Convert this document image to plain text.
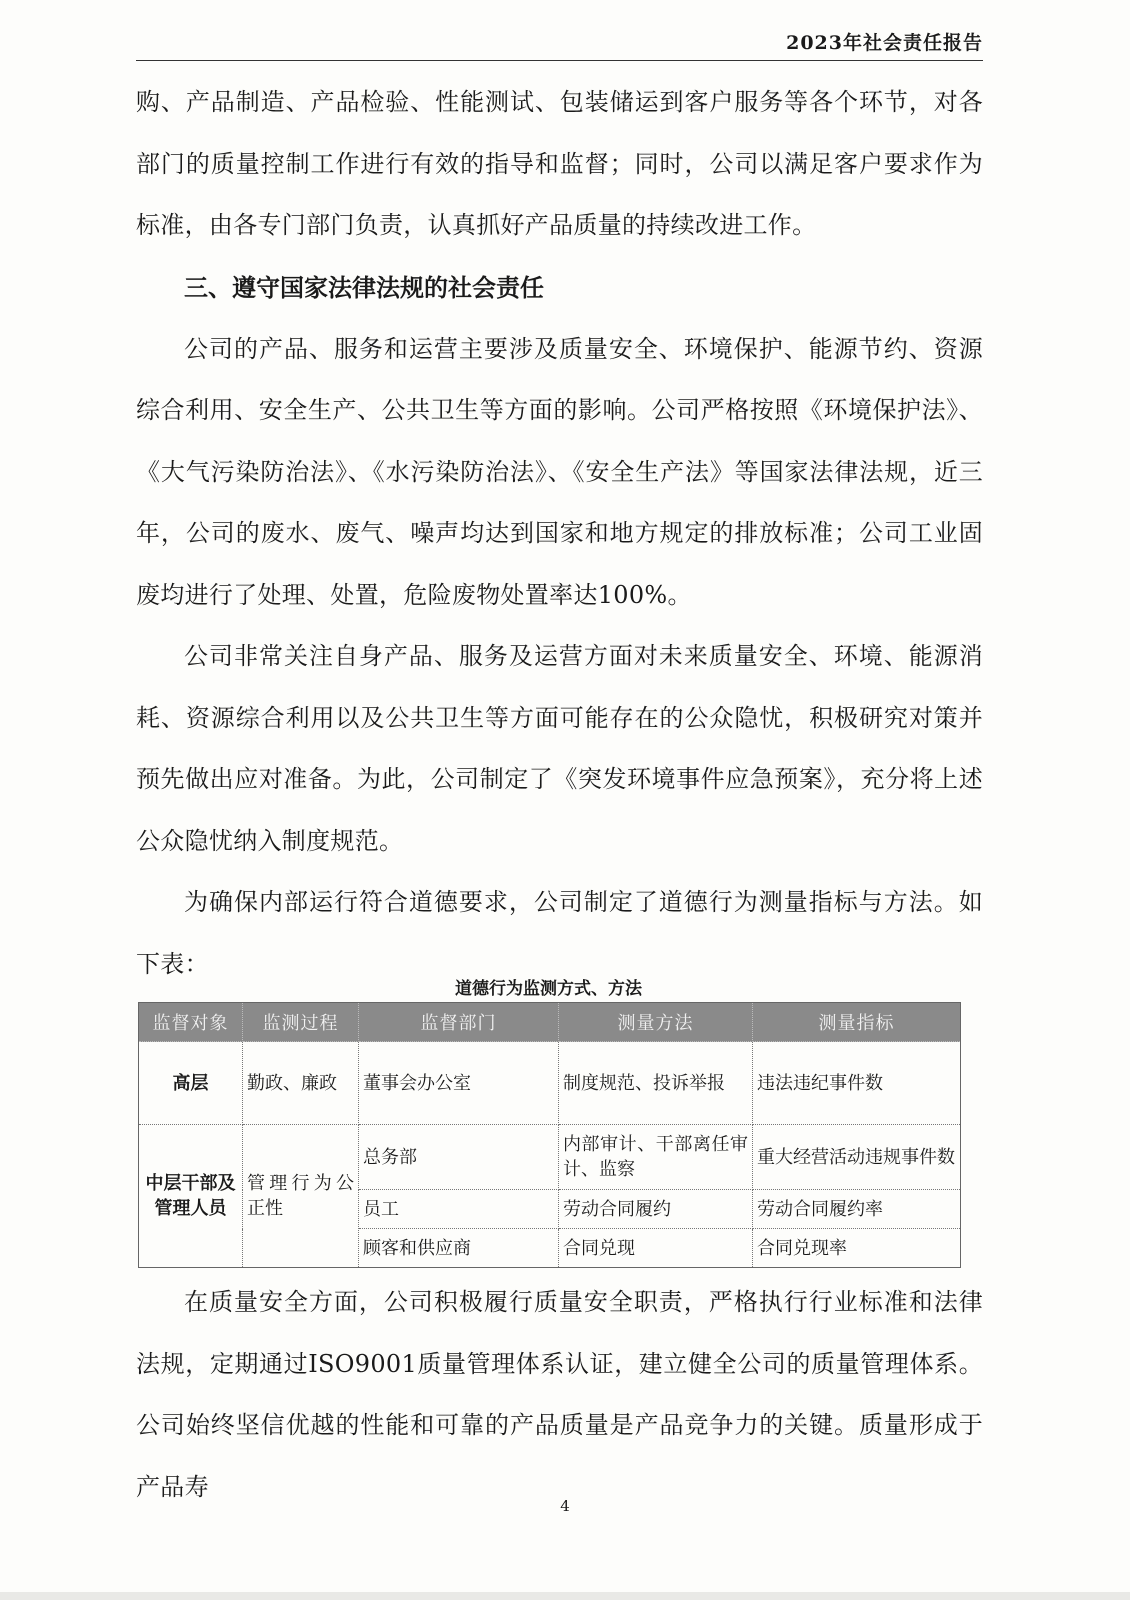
2023年社会责任报告

购、产品制造、产品检验、性能测试、包装储运到客户服务等各个环节，对各部门的质量控制工作进行有效的指导和监督；同时，公司以满足客户要求作为标准，由各专门部门负责，认真抓好产品质量的持续改进工作。

三、遵守国家法律法规的社会责任

公司的产品、服务和运营主要涉及质量安全、环境保护、能源节约、资源综合利用、安全生产、公共卫生等方面的影响。公司严格按照《环境保护法》、《大气污染防治法》、《水污染防治法》、《安全生产法》等国家法律法规，近三年，公司的废水、废气、噪声均达到国家和地方规定的排放标准；公司工业固废均进行了处理、处置，危险废物处置率达100%。

公司非常关注自身产品、服务及运营方面对未来质量安全、环境、能源消耗、资源综合利用以及公共卫生等方面可能存在的公众隐忧，积极研究对策并预先做出应对准备。为此，公司制定了《突发环境事件应急预案》，充分将上述公众隐忧纳入制度规范。

为确保内部运行符合道德要求，公司制定了道德行为测量指标与方法。如下表：

道德行为监测方式、方法
监督对象	监测过程	监督部门	测量方法	测量指标
高层	勤政、廉政	董事会办公室	制度规范、投诉举报	违法违纪事件数
中层干部及管理人员	管理行为公正性	总务部	内部审计、干部离任审计、监察	重大经营活动违规事件数
		员工	劳动合同履约	劳动合同履约率
		顾客和供应商	合同兑现	合同兑现率

在质量安全方面，公司积极履行质量安全职责，严格执行行业标准和法律法规，定期通过ISO9001质量管理体系认证，建立健全公司的质量管理体系。公司始终坚信优越的性能和可靠的产品质量是产品竞争力的关键。质量形成于产品寿

4
